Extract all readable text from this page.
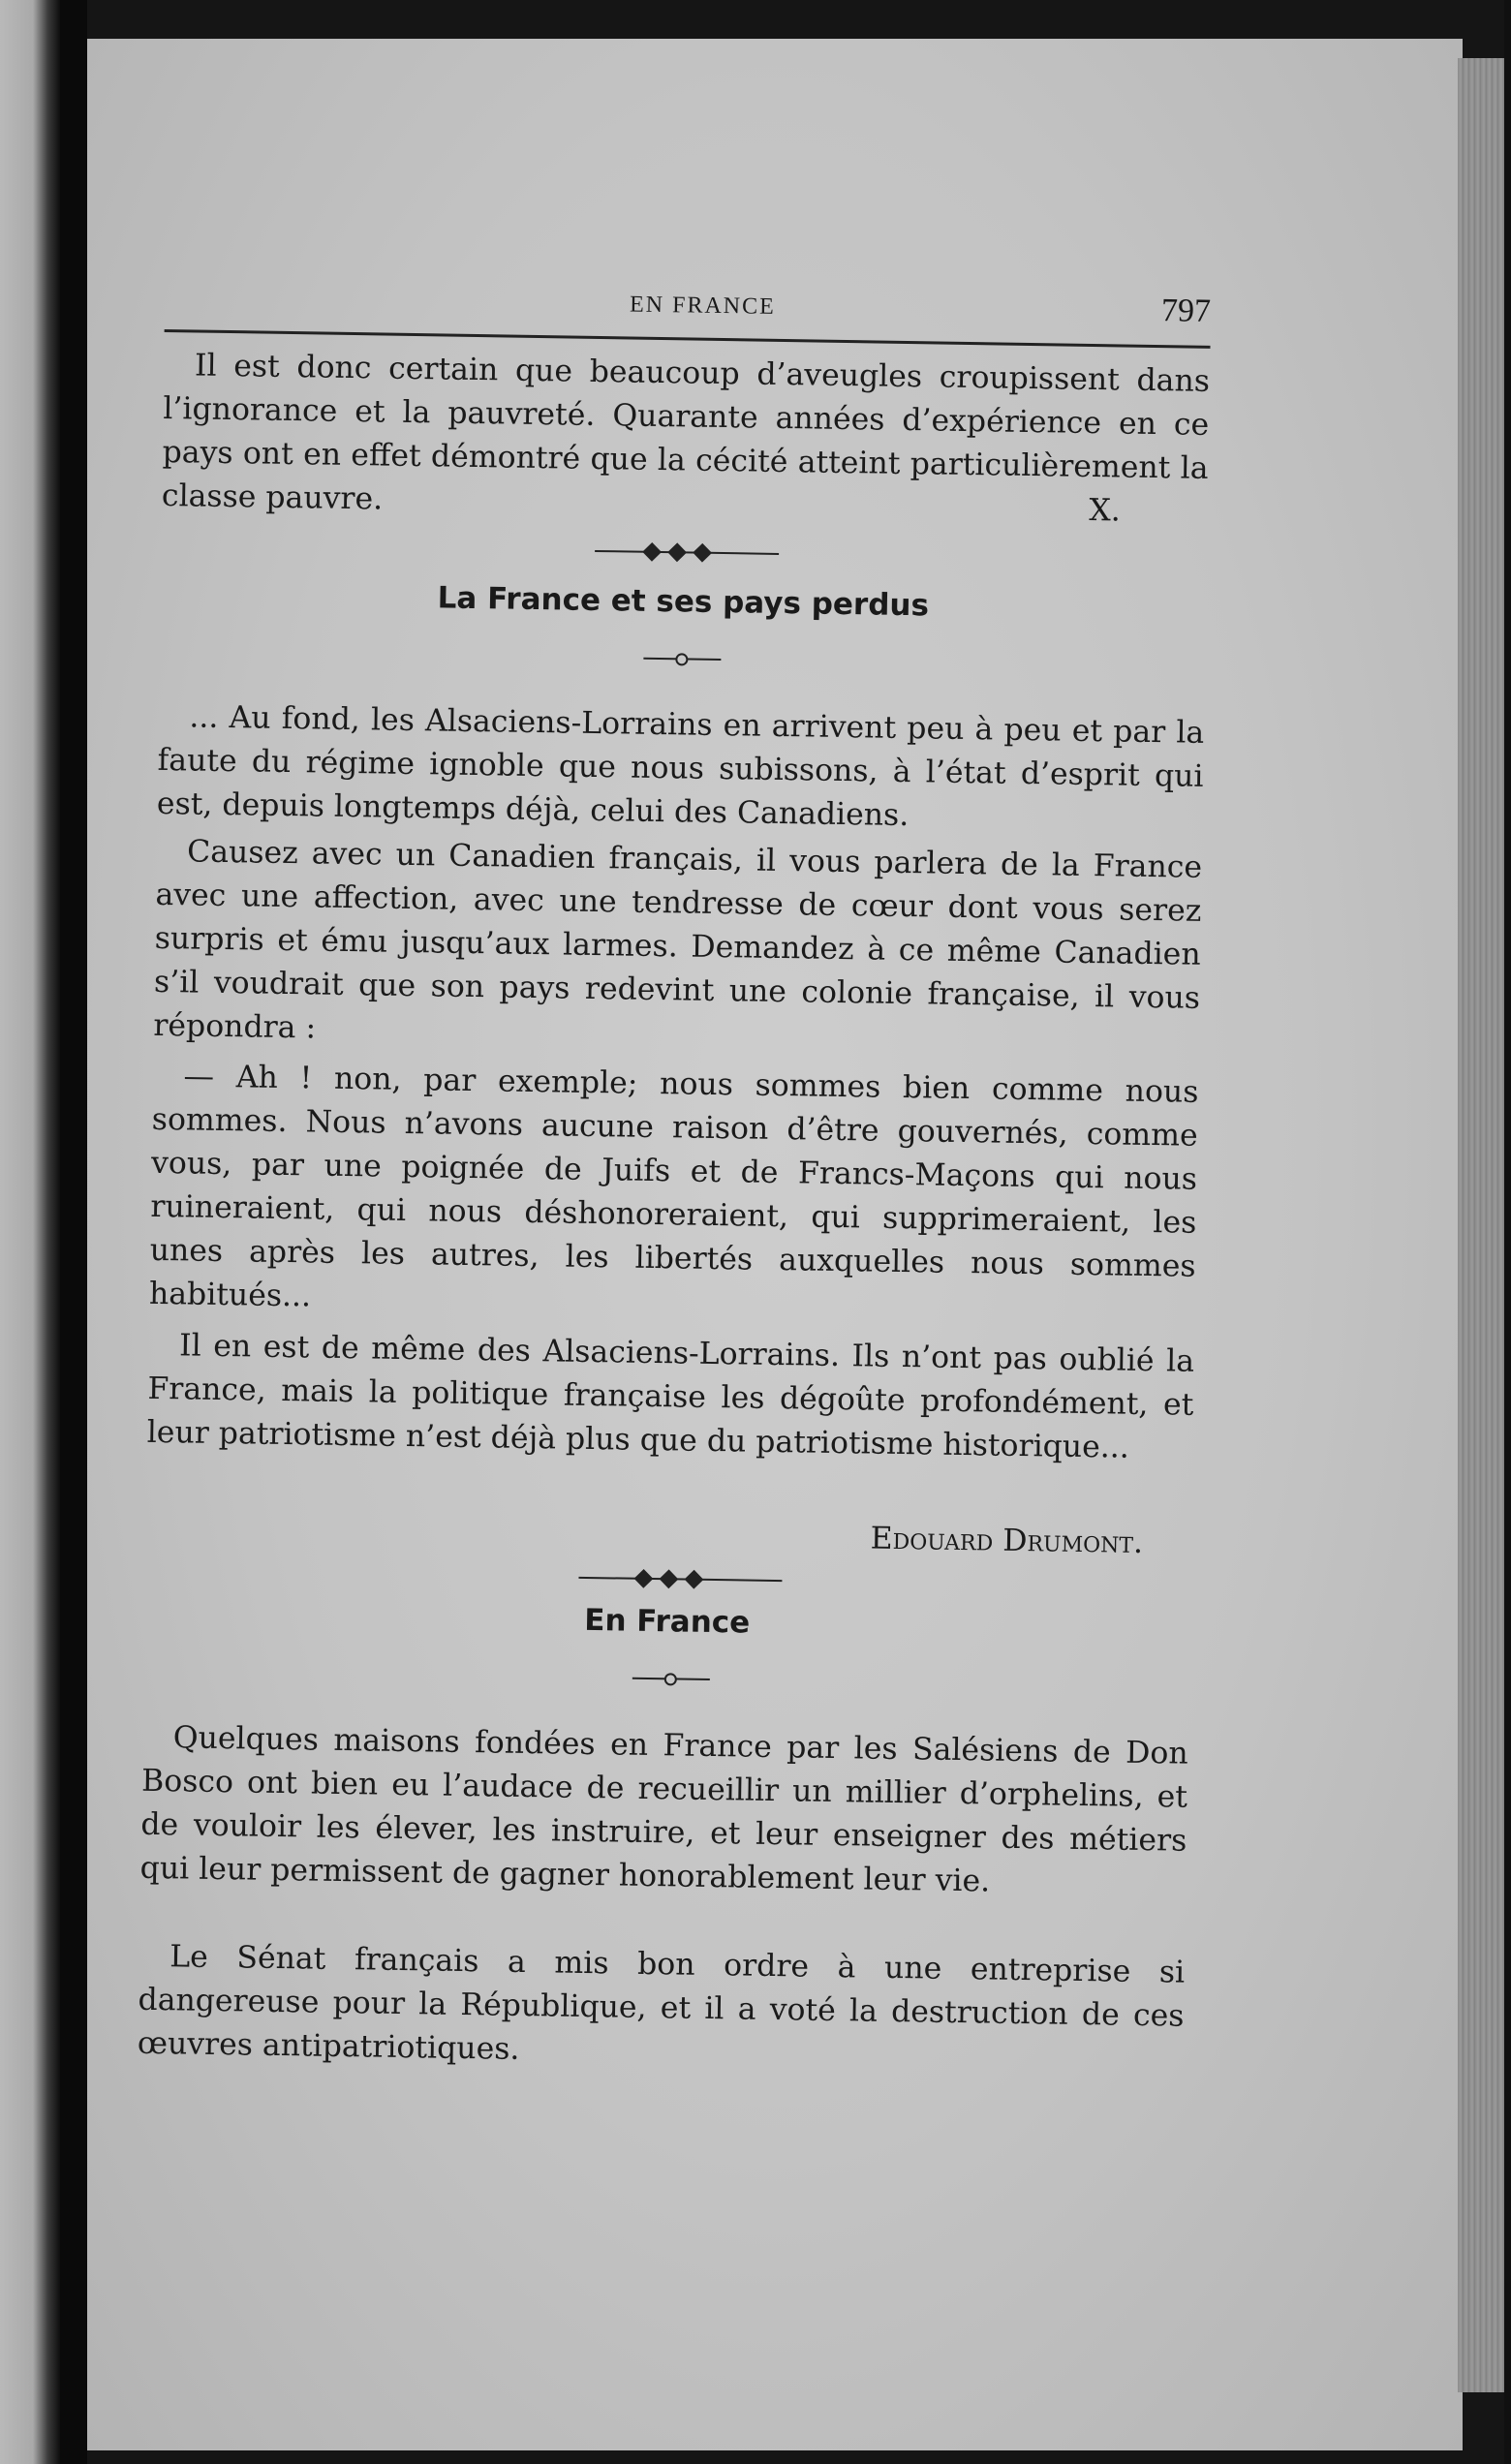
EN FRANCE	797

Il est donc certain que beaucoup d’aveugles croupissent dans l’ignorance et la pauvreté. Quarante années d’expérience en ce pays ont en effet démontré que la cécité atteint particulièrement la classe pauvre.	X.

La France et ses pays perdus

... Au fond, les Alsaciens-Lorrains en arrivent peu à peu et par la faute du régime ignoble que nous subissons, à l’état d’esprit qui est, depuis longtemps déjà, celui des Canadiens.

Causez avec un Canadien français, il vous parlera de la France avec une affection, avec une tendresse de cœur dont vous serez surpris et ému jusqu’aux larmes. Demandez à ce même Canadien s’il voudrait que son pays redevint une colonie française, il vous répondra :

— Ah ! non, par exemple; nous sommes bien comme nous sommes. Nous n’avons aucune raison d’être gouvernés, comme vous, par une poignée de Juifs et de Francs-Maçons qui nous ruineraient, qui nous déshonoreraient, qui supprimeraient, les unes après les autres, les libertés auxquelles nous sommes habitués...

Il en est de même des Alsaciens-Lorrains. Ils n’ont pas oublié la France, mais la politique française les dégoûte profondément, et leur patriotisme n’est déjà plus que du patriotisme historique...

Edouard Drumont.

En France

Quelques maisons fondées en France par les Salésiens de Don Bosco ont bien eu l’audace de recueillir un millier d’orphelins, et de vouloir les élever, les instruire, et leur enseigner des métiers qui leur permissent de gagner honorablement leur vie.

Le Sénat français a mis bon ordre à une entreprise si dangereuse pour la République, et il a voté la destruction de ces œuvres antipatriotiques.
